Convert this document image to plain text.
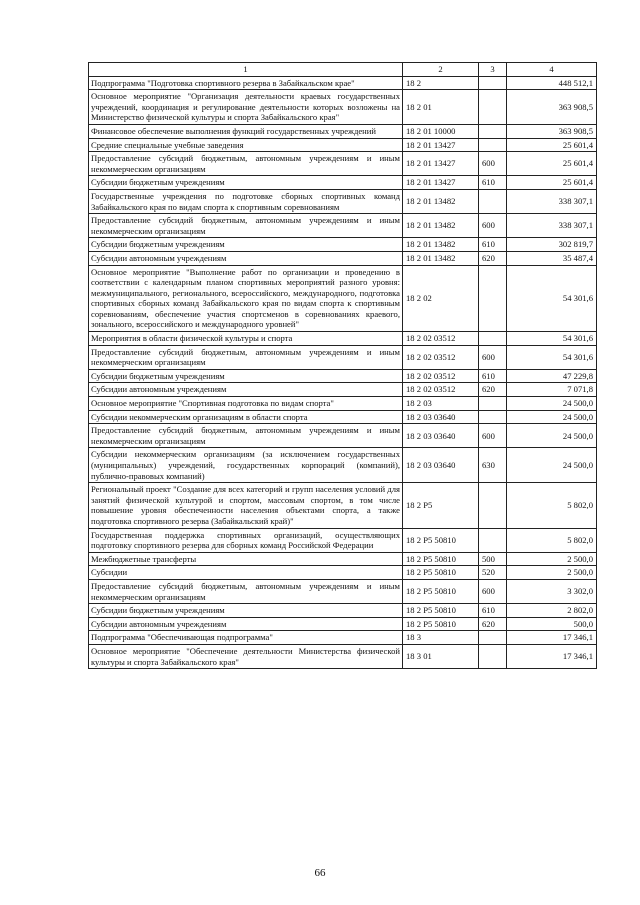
1	2	3	4
Подпрограмма "Подготовка спортивного резерва в Забайкальском крае"	18 2		448 512,1
Основное мероприятие "Организация деятельности краевых государственных учреждений, координация и регулирование деятельности которых возложены на Министерство физической культуры и спорта Забайкальского края"	18 2 01		363 908,5
Финансовое обеспечение выполнения функций государственных учреждений	18 2 01 10000		363 908,5
Средние специальные учебные заведения	18 2 01 13427		25 601,4
Предоставление субсидий бюджетным, автономным учреждениям и иным некоммерческим организациям	18 2 01 13427	600	25 601,4
Субсидии бюджетным учреждениям	18 2 01 13427	610	25 601,4
Государственные учреждения по подготовке сборных спортивных команд Забайкальского края по видам спорта к спортивным соревнованиям	18 2 01 13482		338 307,1
Предоставление субсидий бюджетным, автономным учреждениям и иным некоммерческим организациям	18 2 01 13482	600	338 307,1
Субсидии бюджетным учреждениям	18 2 01 13482	610	302 819,7
Субсидии автономным учреждениям	18 2 01 13482	620	35 487,4
Основное мероприятие "Выполнение работ по организации и проведению в соответствии с календарным планом спортивных мероприятий разного уровня: межмуниципального, регионального, всероссийского, международного, подготовка спортивных сборных команд Забайкальского края по видам спорта к спортивным соревнованиям, обеспечение участия спортсменов в соревнованиях краевого, зонального, всероссийского и международного уровней"	18 2 02		54 301,6
Мероприятия в области физической культуры и спорта	18 2 02 03512		54 301,6
Предоставление субсидий бюджетным, автономным учреждениям и иным некоммерческим организациям	18 2 02 03512	600	54 301,6
Субсидии бюджетным учреждениям	18 2 02 03512	610	47 229,8
Субсидии автономным учреждениям	18 2 02 03512	620	7 071,8
Основное мероприятие "Спортивная подготовка по видам спорта"	18 2 03		24 500,0
Субсидии некоммерческим организациям в области спорта	18 2 03 03640		24 500,0
Предоставление субсидий бюджетным, автономным учреждениям и иным некоммерческим организациям	18 2 03 03640	600	24 500,0
Субсидии некоммерческим организациям (за исключением государственных (муниципальных) учреждений, государственных корпораций (компаний), публично-правовых компаний)	18 2 03 03640	630	24 500,0
Региональный проект "Создание для всех категорий и групп населения условий для занятий физической культурой и спортом, массовым спортом, в том числе повышение уровня обеспеченности населения объектами спорта, а также подготовка спортивного резерва (Забайкальский край)"	18 2 P5		5 802,0
Государственная поддержка спортивных организаций, осуществляющих подготовку спортивного резерва для сборных команд Российской Федерации	18 2 P5 50810		5 802,0
Межбюджетные трансферты	18 2 P5 50810	500	2 500,0
Субсидии	18 2 P5 50810	520	2 500,0
Предоставление субсидий бюджетным, автономным учреждениям и иным некоммерческим организациям	18 2 P5 50810	600	3 302,0
Субсидии бюджетным учреждениям	18 2 P5 50810	610	2 802,0
Субсидии автономным учреждениям	18 2 P5 50810	620	500,0
Подпрограмма "Обеспечивающая подпрограмма"	18 3		17 346,1
Основное мероприятие "Обеспечение деятельности Министерства физической культуры и спорта Забайкальского края"	18 3 01		17 346,1
66
